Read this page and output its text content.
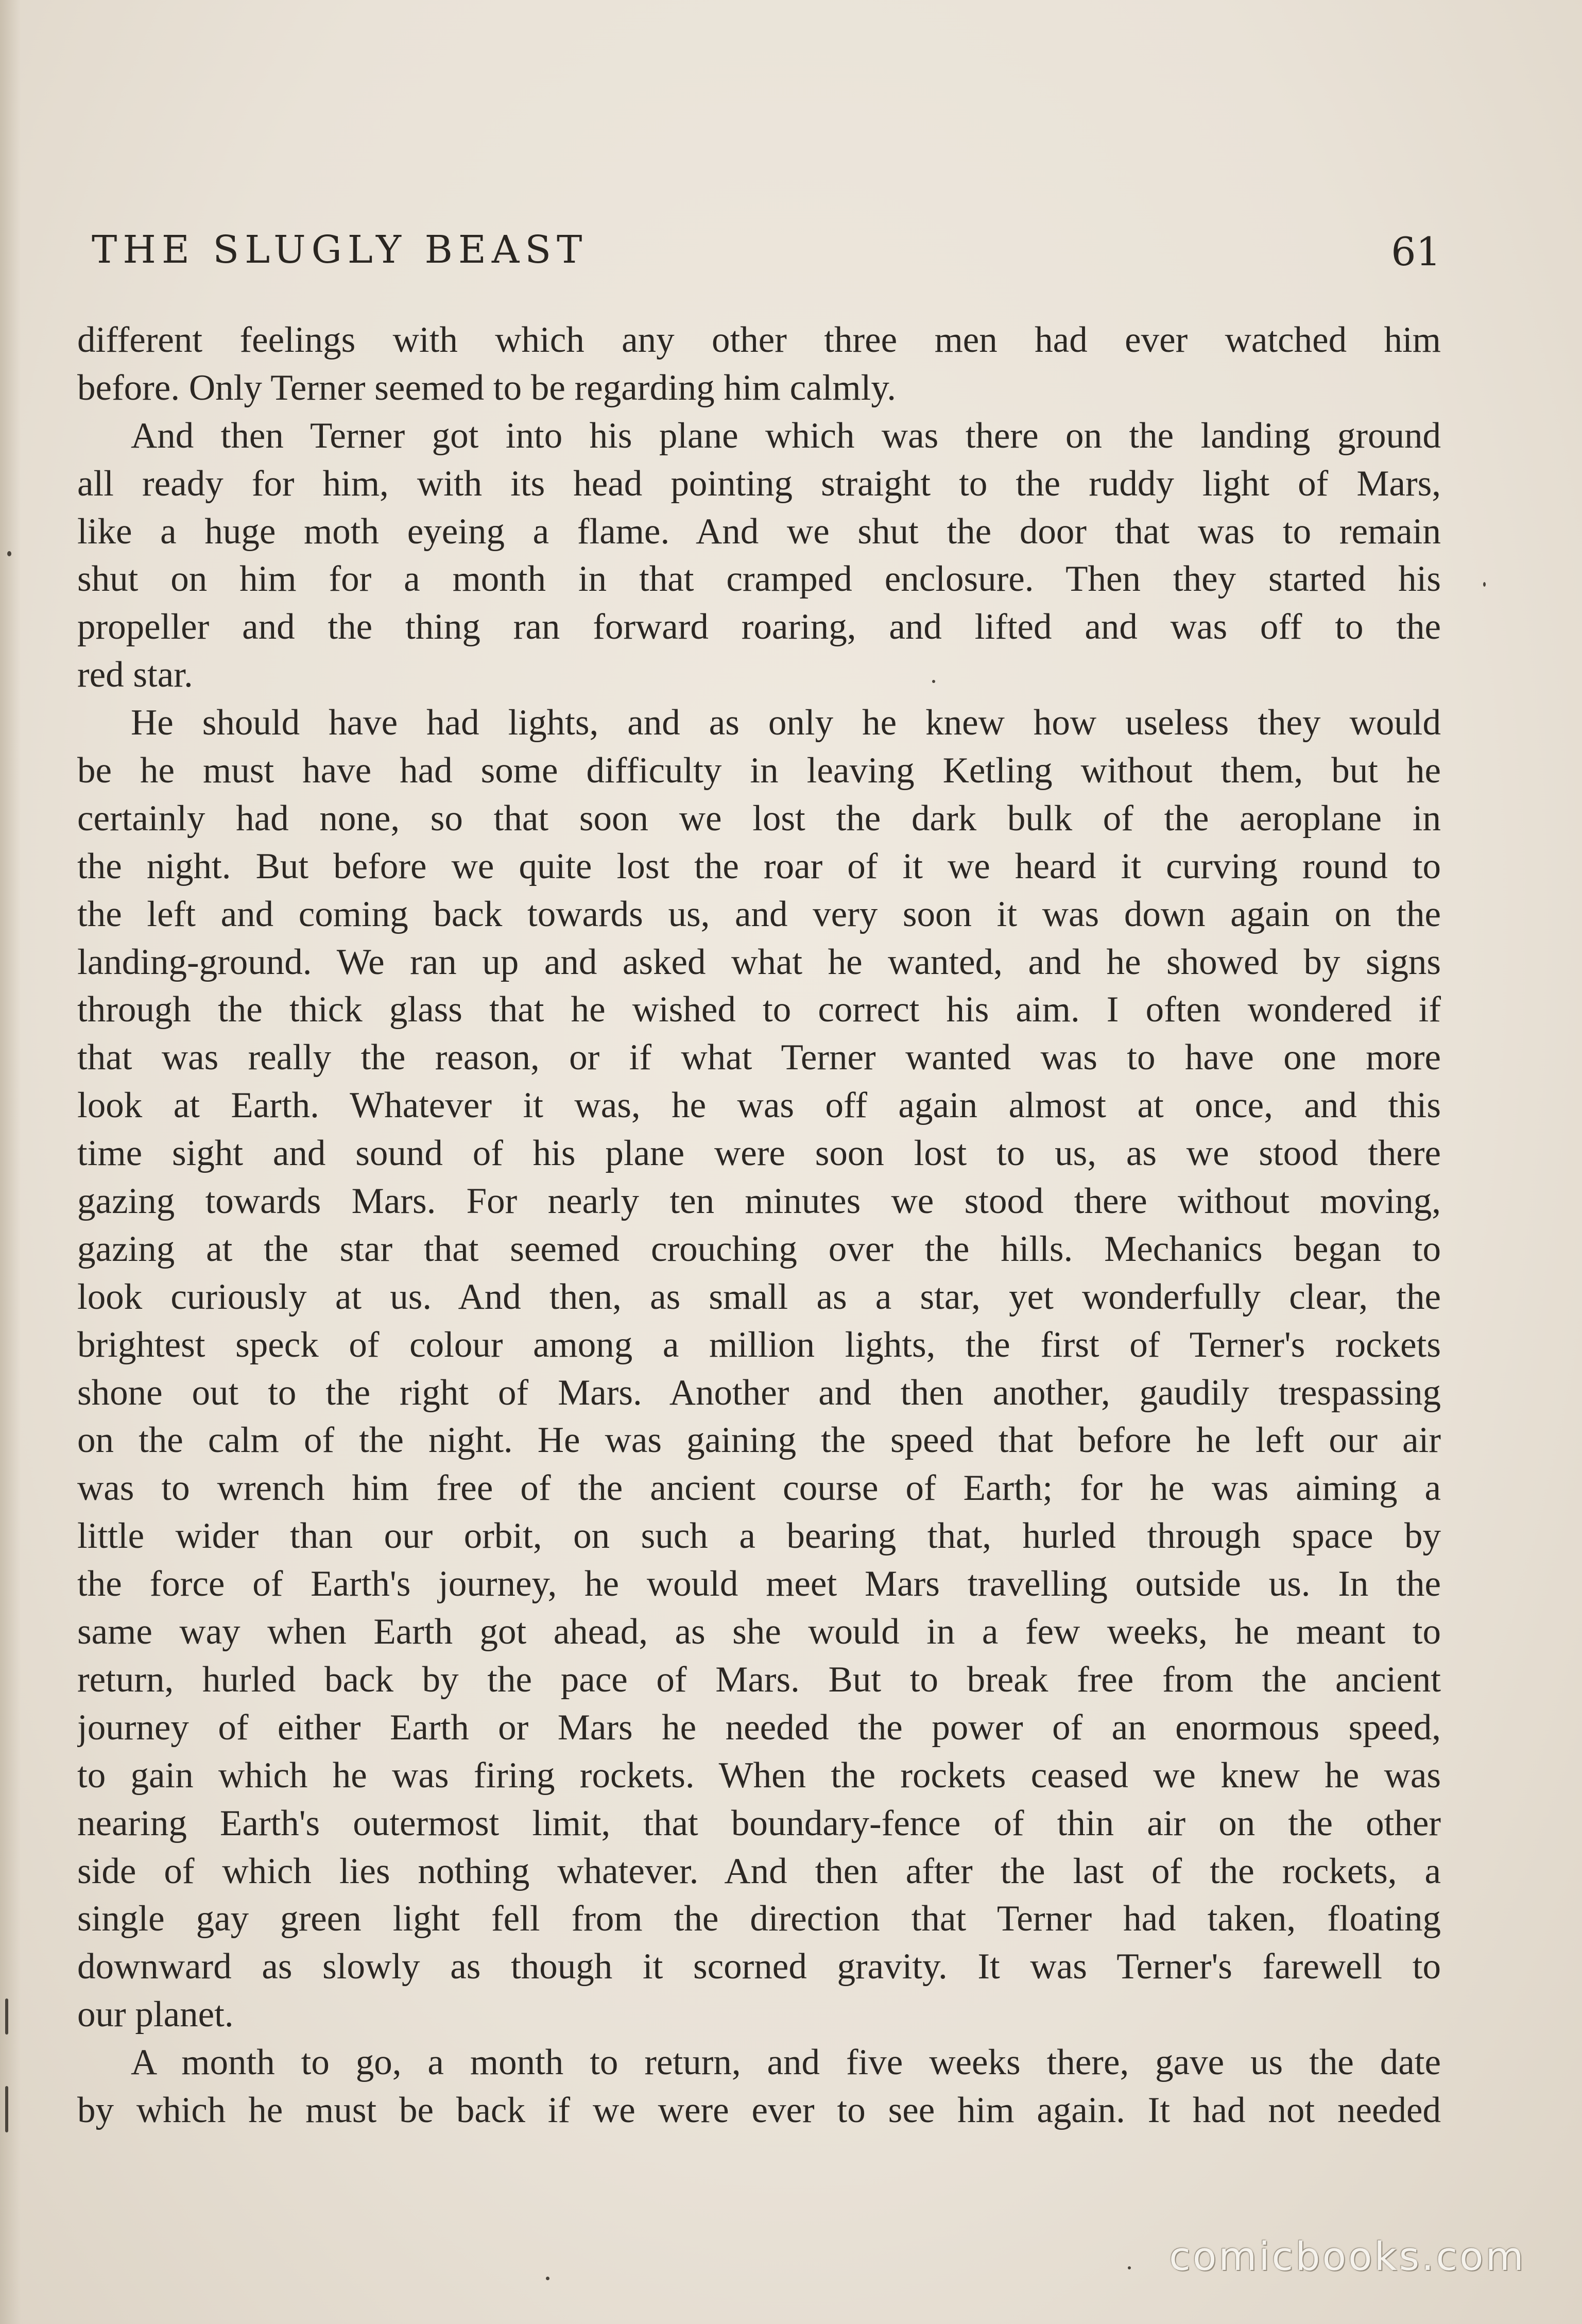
THE SLUGLY BEAST	61
different feelings with which any other three men had ever watched him
before. Only Terner seemed to be regarding him calmly.
And then Terner got into his plane which was there on the landing ground
all ready for him, with its head pointing straight to the ruddy light of Mars,
like a huge moth eyeing a flame. And we shut the door that was to remain
shut on him for a month in that cramped enclosure. Then they started his
propeller and the thing ran forward roaring, and lifted and was off to the
red star.
He should have had lights, and as only he knew how useless they would
be he must have had some difficulty in leaving Ketling without them, but he
certainly had none, so that soon we lost the dark bulk of the aeroplane in
the night. But before we quite lost the roar of it we heard it curving round to
the left and coming back towards us, and very soon it was down again on the
landing-ground. We ran up and asked what he wanted, and he showed by signs
through the thick glass that he wished to correct his aim. I often wondered if
that was really the reason, or if what Terner wanted was to have one more
look at Earth. Whatever it was, he was off again almost at once, and this
time sight and sound of his plane were soon lost to us, as we stood there
gazing towards Mars. For nearly ten minutes we stood there without moving,
gazing at the star that seemed crouching over the hills. Mechanics began to
look curiously at us. And then, as small as a star, yet wonderfully clear, the
brightest speck of colour among a million lights, the first of Terner's rockets
shone out to the right of Mars. Another and then another, gaudily trespassing
on the calm of the night. He was gaining the speed that before he left our air
was to wrench him free of the ancient course of Earth; for he was aiming a
little wider than our orbit, on such a bearing that, hurled through space by
the force of Earth's journey, he would meet Mars travelling outside us. In the
same way when Earth got ahead, as she would in a few weeks, he meant to
return, hurled back by the pace of Mars. But to break free from the ancient
journey of either Earth or Mars he needed the power of an enormous speed,
to gain which he was firing rockets. When the rockets ceased we knew he was
nearing Earth's outermost limit, that boundary-fence of thin air on the other
side of which lies nothing whatever. And then after the last of the rockets, a
single gay green light fell from the direction that Terner had taken, floating
downward as slowly as though it scorned gravity. It was Terner's farewell to
our planet.
A month to go, a month to return, and five weeks there, gave us the date
by which he must be back if we were ever to see him again. It had not needed
comicbooks.com
